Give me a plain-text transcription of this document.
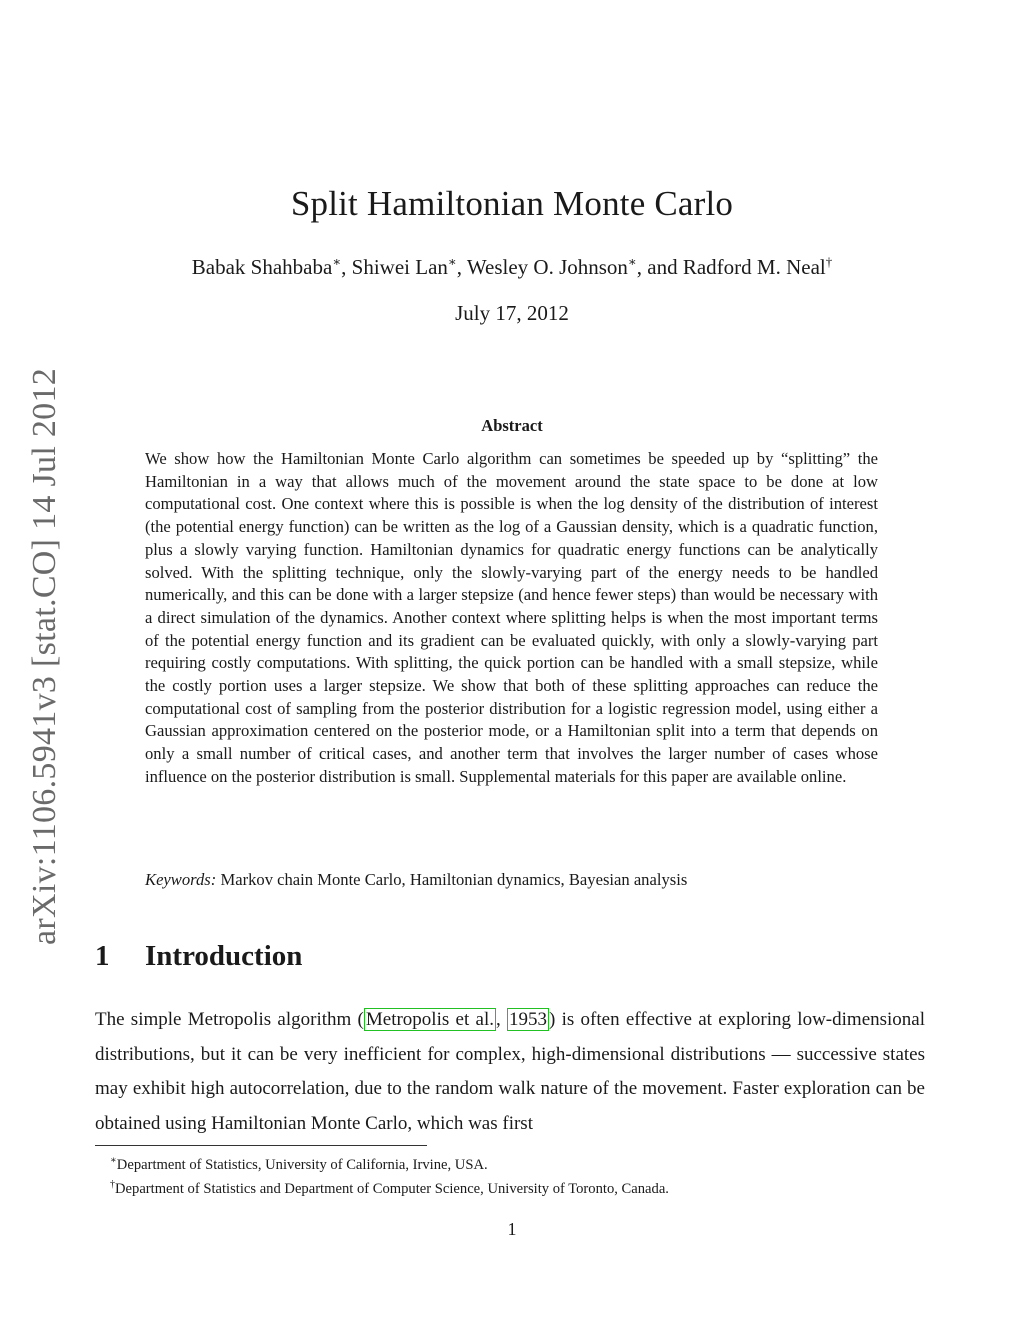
arXiv:1106.5941v3 [stat.CO] 14 Jul 2012
Split Hamiltonian Monte Carlo
Babak Shahbaba∗, Shiwei Lan∗, Wesley O. Johnson∗, and Radford M. Neal†
July 17, 2012
Abstract
We show how the Hamiltonian Monte Carlo algorithm can sometimes be speeded up by “splitting” the Hamiltonian in a way that allows much of the movement around the state space to be done at low computational cost. One context where this is possible is when the log density of the distribution of interest (the potential energy function) can be written as the log of a Gaussian density, which is a quadratic function, plus a slowly varying function. Hamiltonian dynamics for quadratic energy functions can be analytically solved. With the splitting technique, only the slowly-varying part of the energy needs to be handled numerically, and this can be done with a larger stepsize (and hence fewer steps) than would be necessary with a direct simulation of the dynamics. Another context where splitting helps is when the most important terms of the potential energy function and its gradient can be evaluated quickly, with only a slowly-varying part requiring costly computations. With splitting, the quick portion can be handled with a small stepsize, while the costly portion uses a larger stepsize. We show that both of these splitting approaches can reduce the computational cost of sampling from the posterior distribution for a logistic regression model, using either a Gaussian approximation centered on the posterior mode, or a Hamiltonian split into a term that depends on only a small number of critical cases, and another term that involves the larger number of cases whose influence on the posterior distribution is small. Supplemental materials for this paper are available online.
Keywords: Markov chain Monte Carlo, Hamiltonian dynamics, Bayesian analysis
1 Introduction
The simple Metropolis algorithm ( Metropolis et al. , 1953 ) is often effective at exploring low-dimensional distributions, but it can be very inefficient for complex, high-dimensional distributions — successive states may exhibit high autocorrelation, due to the random walk nature of the movement. Faster exploration can be obtained using Hamiltonian Monte Carlo, which was first
∗Department of Statistics, University of California, Irvine, USA.
†Department of Statistics and Department of Computer Science, University of Toronto, Canada.
1
